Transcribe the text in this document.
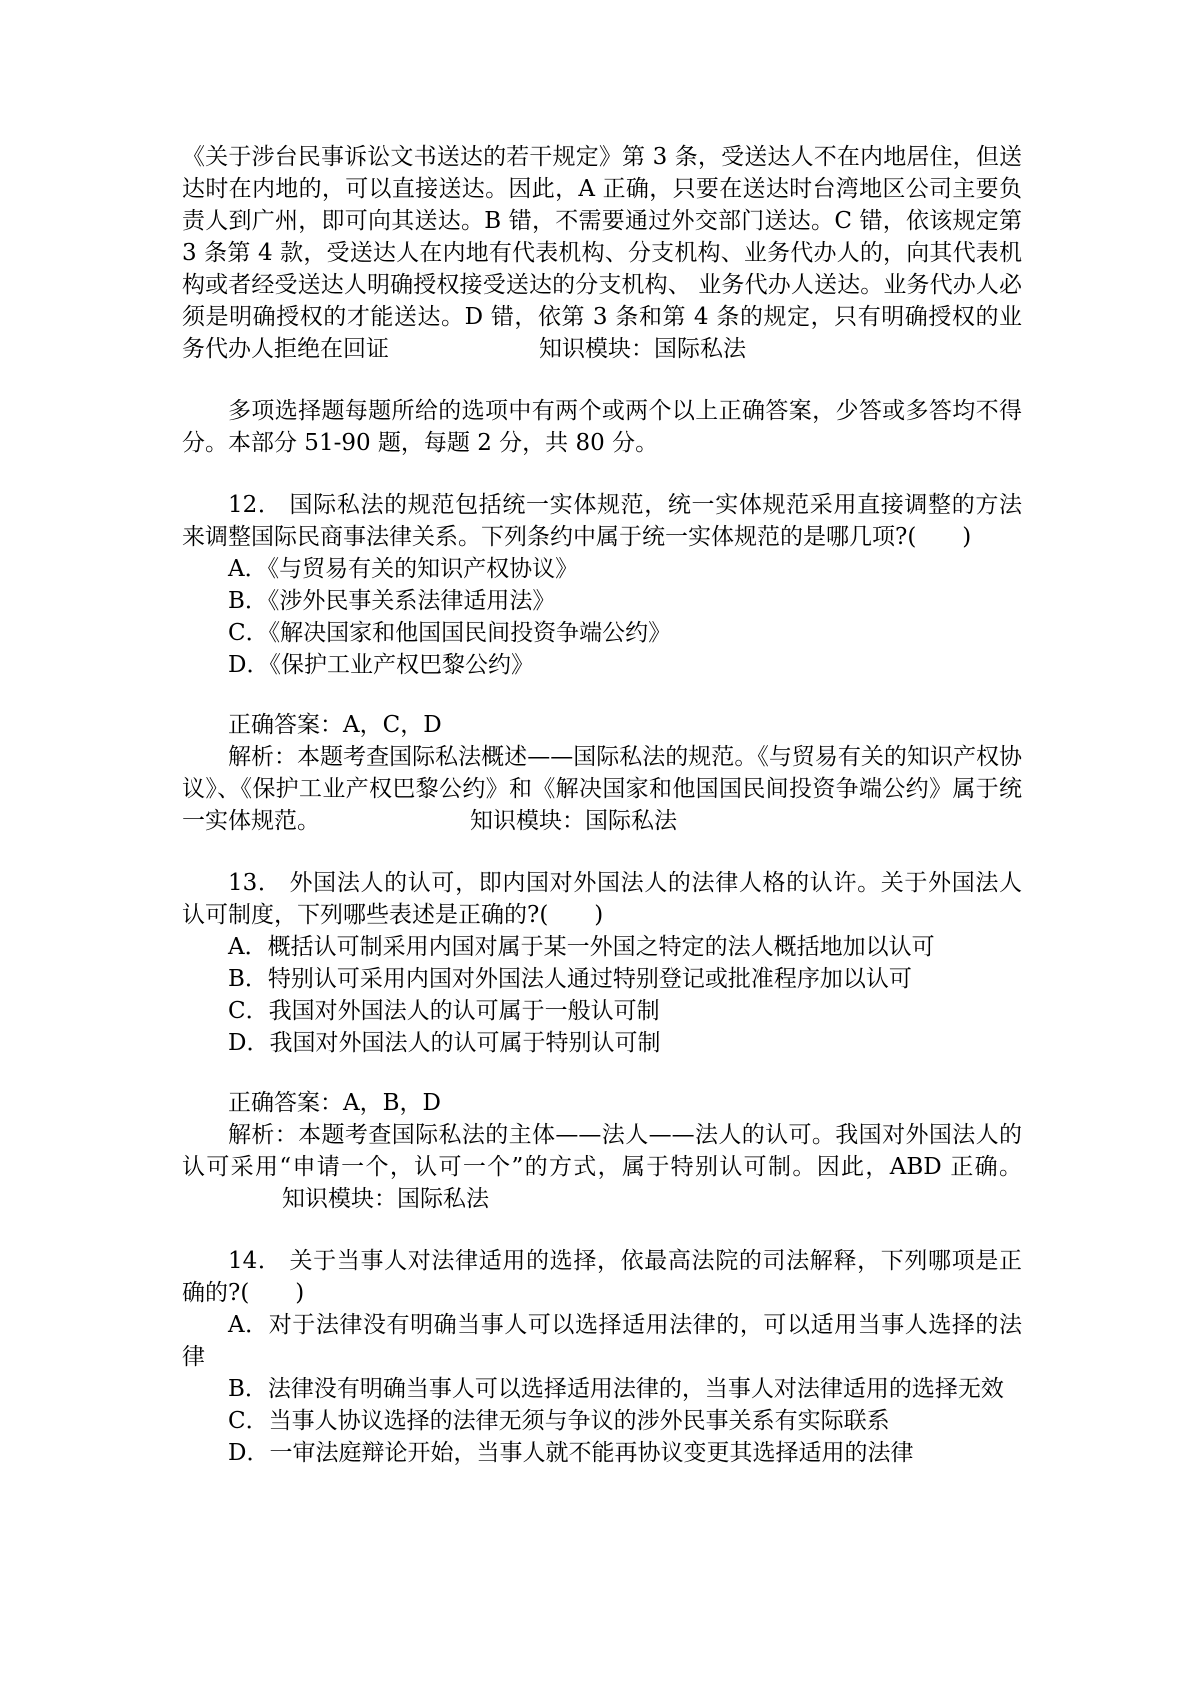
《关于涉台民事诉讼文书送达的若干规定》第 3 条，受送达人不在内地居住，但送达时在内地的，可以直接送达。因此，A 正确，只要在送达时台湾地区公司主要负责人到广州，即可向其送达。B 错，不需要通过外交部门送达。C 错，依该规定第 3 条第 4 款，受送达人在内地有代表机构、分支机构、业务代办人的，向其代表机构或者经受送达人明确授权接受送达的分支机构、 业务代办人送达。业务代办人必须是明确授权的才能送达。D 错，依第 3 条和第 4 条的规定，只有明确授权的业务代办人拒绝在回证	知识模块：国际私法

多项选择题每题所给的选项中有两个或两个以上正确答案，少答或多答均不得分。本部分 51-90 题，每题 2 分，共 80 分。

12． 国际私法的规范包括统一实体规范，统一实体规范采用直接调整的方法来调整国际民商事法律关系。下列条约中属于统一实体规范的是哪几项?(　　)

A．《与贸易有关的知识产权协议》

B．《涉外民事关系法律适用法》

C．《解决国家和他国国民间投资争端公约》

D．《保护工业产权巴黎公约》

正确答案：A，C，D

解析：本题考查国际私法概述——国际私法的规范。《与贸易有关的知识产权协议》、《保护工业产权巴黎公约》和《解决国家和他国国民间投资争端公约》属于统一实体规范。	知识模块：国际私法

13． 外国法人的认可，即内国对外国法人的法律人格的认许。关于外国法人认可制度，下列哪些表述是正确的?(　　)

A．概括认可制采用内国对属于某一外国之特定的法人概括地加以认可

B．特别认可采用内国对外国法人通过特别登记或批准程序加以认可

C．我国对外国法人的认可属于一般认可制

D．我国对外国法人的认可属于特别认可制

正确答案：A，B，D

解析：本题考查国际私法的主体——法人——法人的认可。我国对外国法人的认可采用“申请一个，认可一个”的方式，属于特别认可制。因此，ABD 正确。知识模块：国际私法

14． 关于当事人对法律适用的选择，依最高法院的司法解释，下列哪项是正确的?(　　)

A．对于法律没有明确当事人可以选择适用法律的，可以适用当事人选择的法律

B．法律没有明确当事人可以选择适用法律的，当事人对法律适用的选择无效

C．当事人协议选择的法律无须与争议的涉外民事关系有实际联系

D．一审法庭辩论开始，当事人就不能再协议变更其选择适用的法律
